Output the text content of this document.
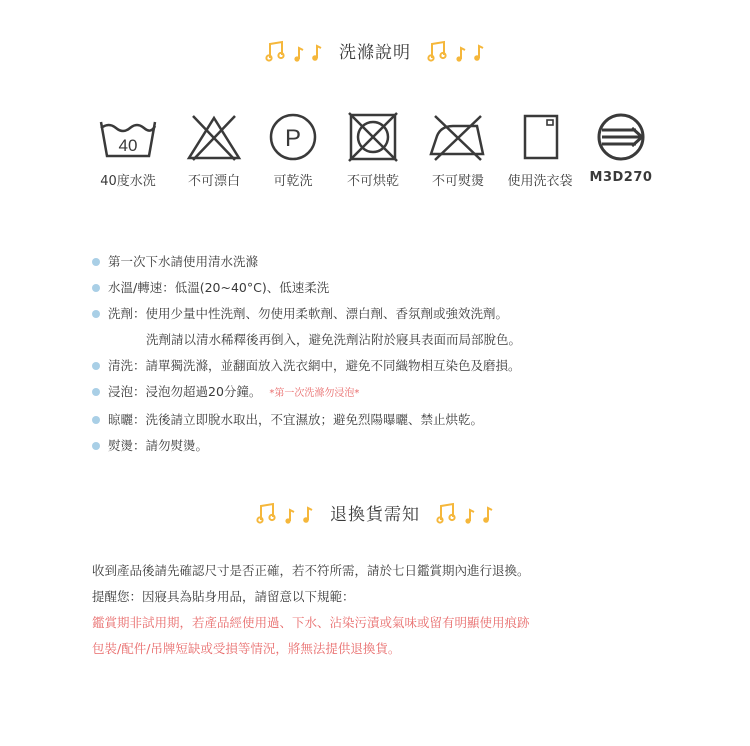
洗滌說明
40
40度水洗	不可漂白
P
可乾洗	不可烘乾	不可熨燙	使用洗衣袋	M3D270
第一次下水請使用清水洗滌
水溫/轉速：低溫(20~40°C)、低速柔洗
洗劑：使用少量中性洗劑、勿使用柔軟劑、漂白劑、香氛劑或強效洗劑。
洗劑請以清水稀釋後再倒入，避免洗劑沾附於寢具表面而局部脫色。
清洗：請單獨洗滌，並翻面放入洗衣網中，避免不同織物相互染色及磨損。
浸泡：浸泡勿超過20分鐘。 *第一次洗滌勿浸泡*
晾曬：洗後請立即脫水取出，不宜濕放；避免烈陽曝曬、禁止烘乾。
熨燙：請勿熨燙。
退換貨需知
收到產品後請先確認尺寸是否正確，若不符所需，請於七日鑑賞期內進行退換。
提醒您：因寢具為貼身用品，請留意以下規範：
鑑賞期非試用期，若產品經使用過、下水、沾染污漬或氣味或留有明顯使用痕跡
包裝/配件/吊牌短缺或受損等情況，將無法提供退換貨。
